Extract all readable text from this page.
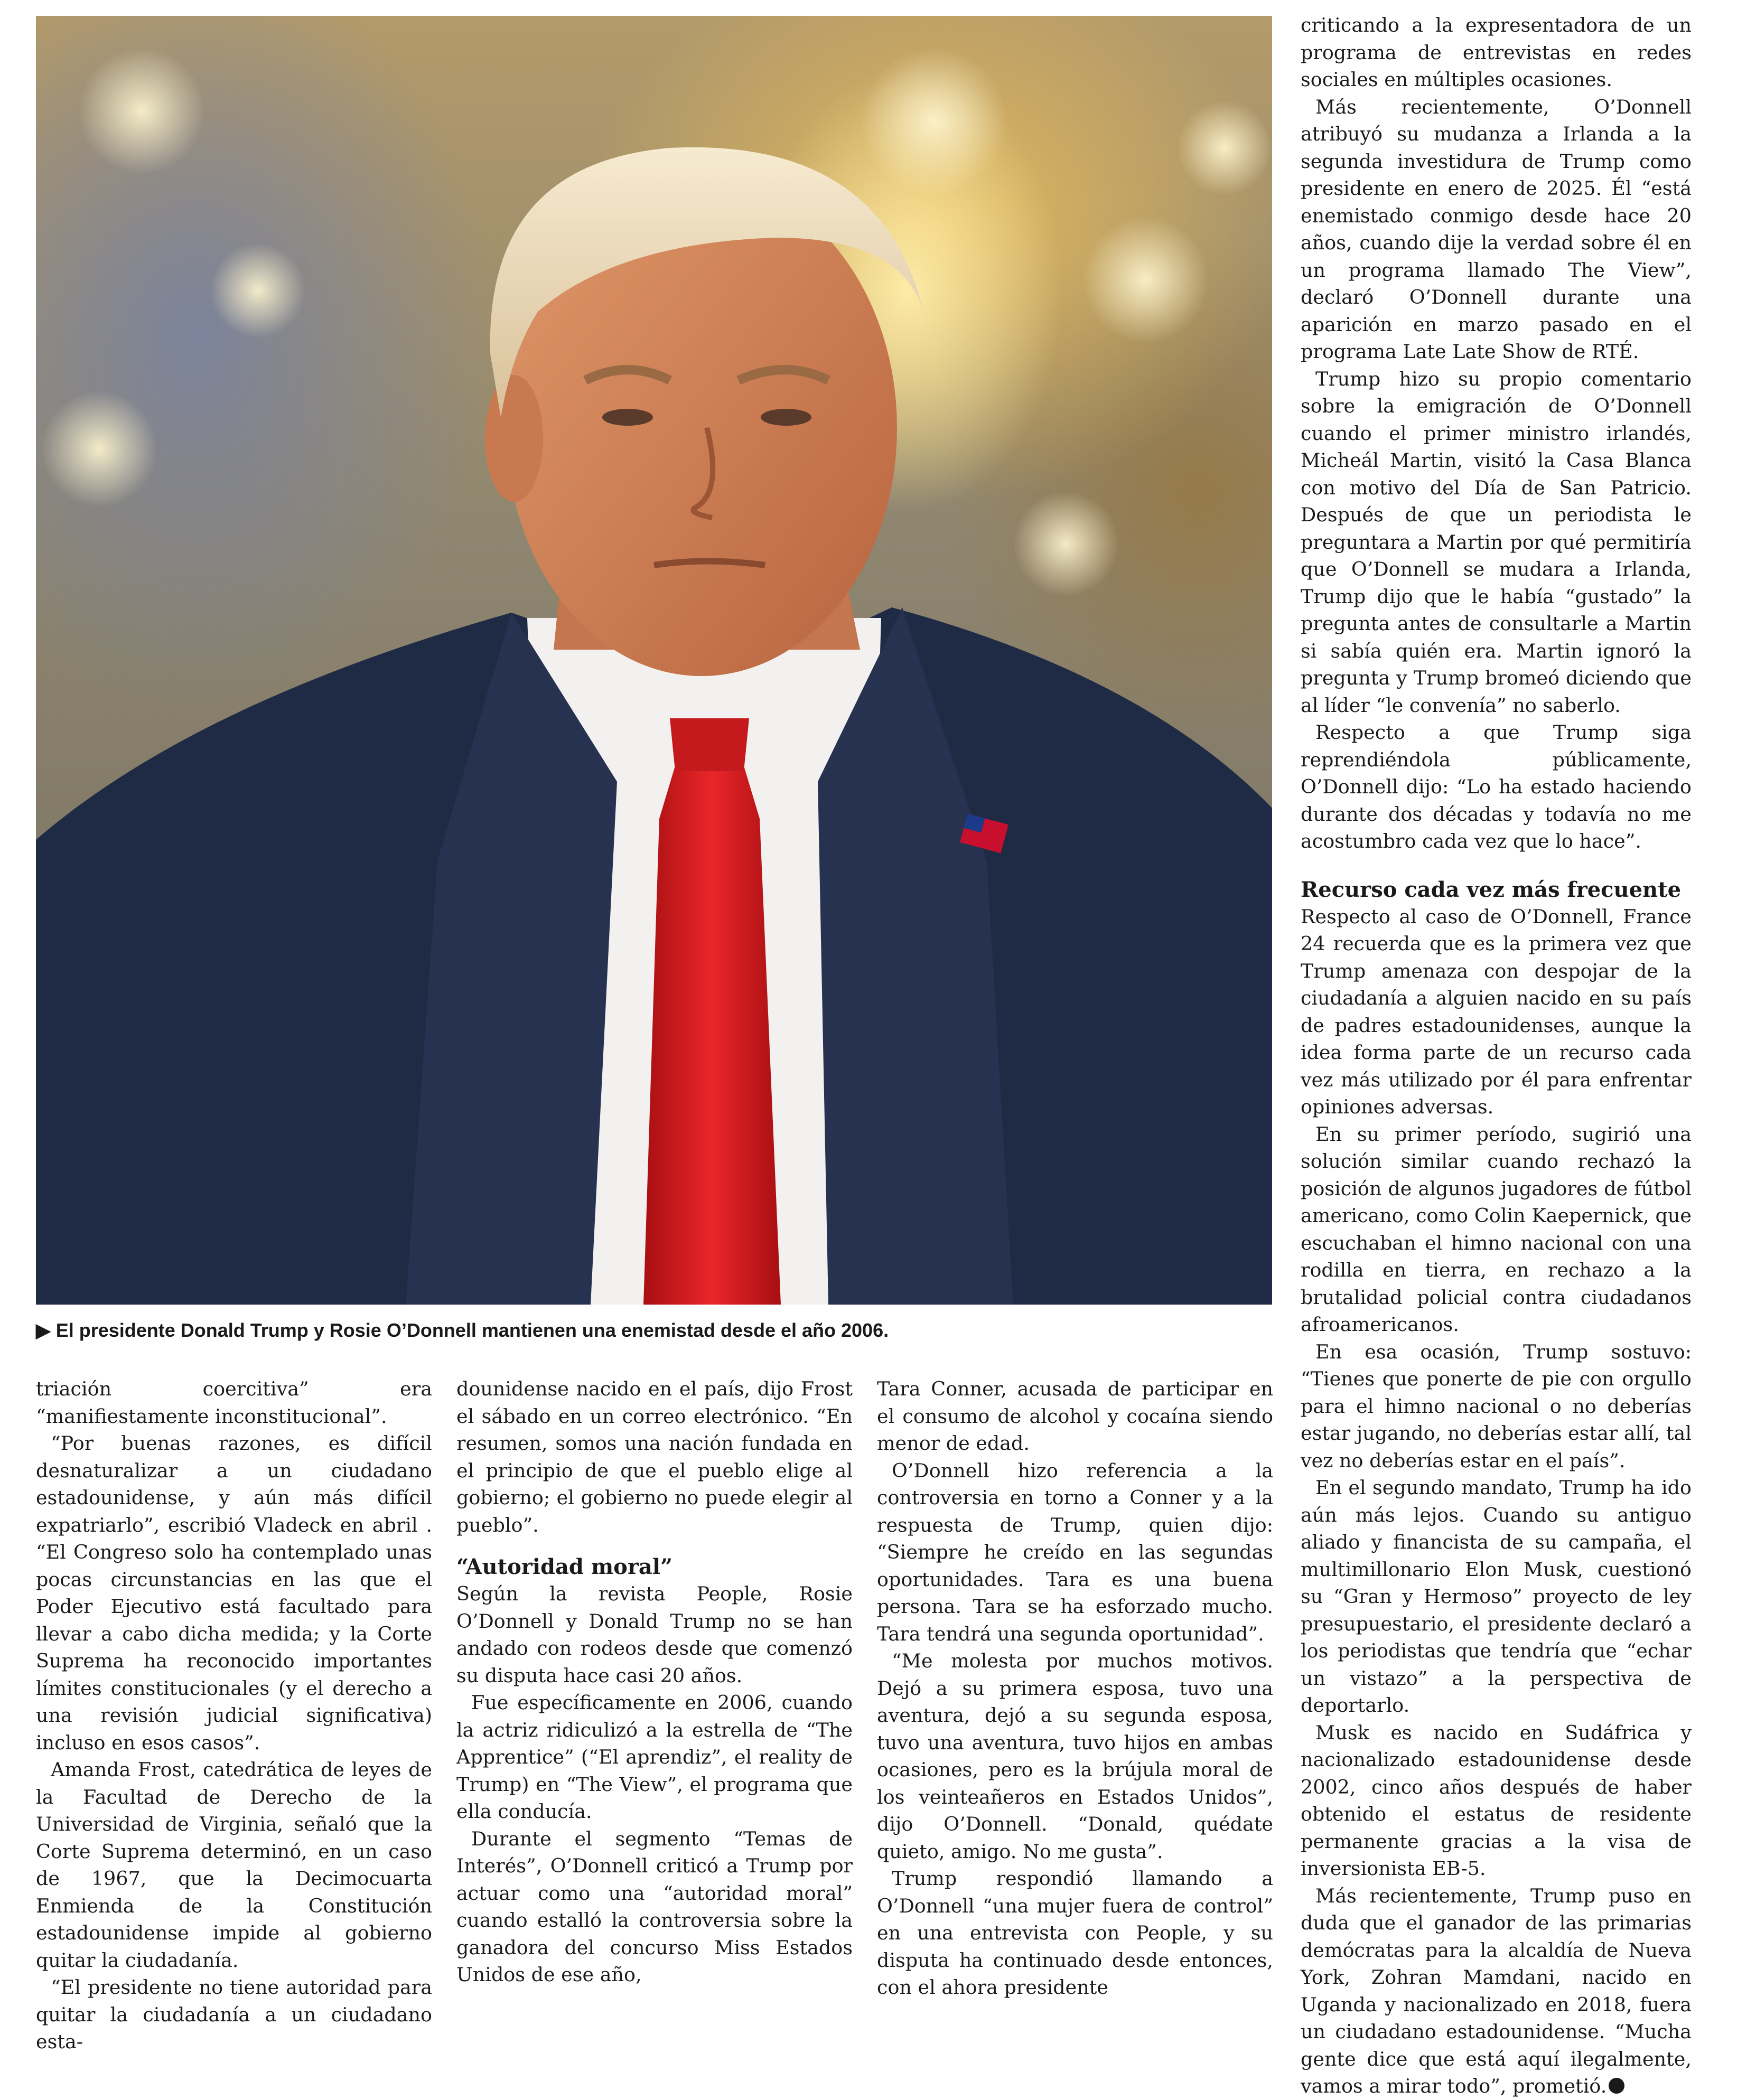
▶ El presidente Donald Trump y Rosie O’Donnell mantienen una enemistad desde el año 2006.

triación coercitiva” era “manifiestamente inconstitucional”.

“Por buenas razones, es difícil desnaturalizar a un ciudadano estadounidense, y aún más difícil expatriarlo”, escribió Vladeck en abril . “El Congreso solo ha contemplado unas pocas circunstancias en las que el Poder Ejecutivo está facultado para llevar a cabo dicha medida; y la Corte Suprema ha reconocido importantes límites constitucionales (y el derecho a una revisión judicial significativa) incluso en esos casos”.

Amanda Frost, catedrática de leyes de la Facultad de Derecho de la Universidad de Virginia, señaló que la Corte Suprema determinó, en un caso de 1967, que la Decimocuarta Enmienda de la Constitución estadounidense impide al gobierno quitar la ciudadanía.

“El presidente no tiene autoridad para quitar la ciudadanía a un ciudadano esta-

dounidense nacido en el país, dijo Frost el sábado en un correo electrónico. “En resumen, somos una nación fundada en el principio de que el pueblo elige al gobierno; el gobierno no puede elegir al pueblo”.

“Autoridad moral”

Según la revista People, Rosie O’Donnell y Donald Trump no se han andado con rodeos desde que comenzó su disputa hace casi 20 años.

Fue específicamente en 2006, cuando la actriz ridiculizó a la estrella de “The Apprentice” (“El aprendiz”, el reality de Trump) en “The View”, el programa que ella conducía.

Durante el segmento “Temas de Interés”, O’Donnell criticó a Trump por actuar como una “autoridad moral” cuando estalló la controversia sobre la ganadora del concurso Miss Estados Unidos de ese año,

Tara Conner, acusada de participar en el consumo de alcohol y cocaína siendo menor de edad.

O’Donnell hizo referencia a la controversia en torno a Conner y a la respuesta de Trump, quien dijo: “Siempre he creído en las segundas oportunidades. Tara es una buena persona. Tara se ha esforzado mucho. Tara tendrá una segunda oportunidad”.

“Me molesta por muchos motivos. Dejó a su primera esposa, tuvo una aventura, dejó a su segunda esposa, tuvo una aventura, tuvo hijos en ambas ocasiones, pero es la brújula moral de los veinteañeros en Estados Unidos”, dijo O’Donnell. “Donald, quédate quieto, amigo. No me gusta”.

Trump respondió llamando a O’Donnell “una mujer fuera de control” en una entrevista con People, y su disputa ha continuado desde entonces, con el ahora presidente

criticando a la expresentadora de un programa de entrevistas en redes sociales en múltiples ocasiones.

Más recientemente, O’Donnell atribuyó su mudanza a Irlanda a la segunda investidura de Trump como presidente en enero de 2025. Él “está enemistado conmigo desde hace 20 años, cuando dije la verdad sobre él en un programa llamado The View”, declaró O’Donnell durante una aparición en marzo pasado en el programa Late Late Show de RTÉ.

Trump hizo su propio comentario sobre la emigración de O’Donnell cuando el primer ministro irlandés, Micheál Martin, visitó la Casa Blanca con motivo del Día de San Patricio. Después de que un periodista le preguntara a Martin por qué permitiría que O’Donnell se mudara a Irlanda, Trump dijo que le había “gustado” la pregunta antes de consultarle a Martin si sabía quién era. Martin ignoró la pregunta y Trump bromeó diciendo que al líder “le convenía” no saberlo.

Respecto a que Trump siga reprendiéndola públicamente, O’Donnell dijo: “Lo ha estado haciendo durante dos décadas y todavía no me acostumbro cada vez que lo hace”.

Recurso cada vez más frecuente

Respecto al caso de O’Donnell, France 24 recuerda que es la primera vez que Trump amenaza con despojar de la ciudadanía a alguien nacido en su país de padres estadounidenses, aunque la idea forma parte de un recurso cada vez más utilizado por él para enfrentar opiniones adversas.

En su primer período, sugirió una solución similar cuando rechazó la posición de algunos jugadores de fútbol americano, como Colin Kaepernick, que escuchaban el himno nacional con una rodilla en tierra, en rechazo a la brutalidad policial contra ciudadanos afroamericanos.

En esa ocasión, Trump sostuvo: “Tienes que ponerte de pie con orgullo para el himno nacional o no deberías estar jugando, no deberías estar allí, tal vez no deberías estar en el país”.

En el segundo mandato, Trump ha ido aún más lejos. Cuando su antiguo aliado y financista de su campaña, el multimillonario Elon Musk, cuestionó su “Gran y Hermoso” proyecto de ley presupuestario, el presidente declaró a los periodistas que tendría que “echar un vistazo” a la perspectiva de deportarlo.

Musk es nacido en Sudáfrica y nacionalizado estadounidense desde 2002, cinco años después de haber obtenido el estatus de residente permanente gracias a la visa de inversionista EB-5.

Más recientemente, Trump puso en duda que el ganador de las primarias demócratas para la alcaldía de Nueva York, Zohran Mamdani, nacido en Uganda y nacionalizado en 2018, fuera un ciudadano estadounidense. “Mucha gente dice que está aquí ilegalmente, vamos a mirar todo”, prometió.
